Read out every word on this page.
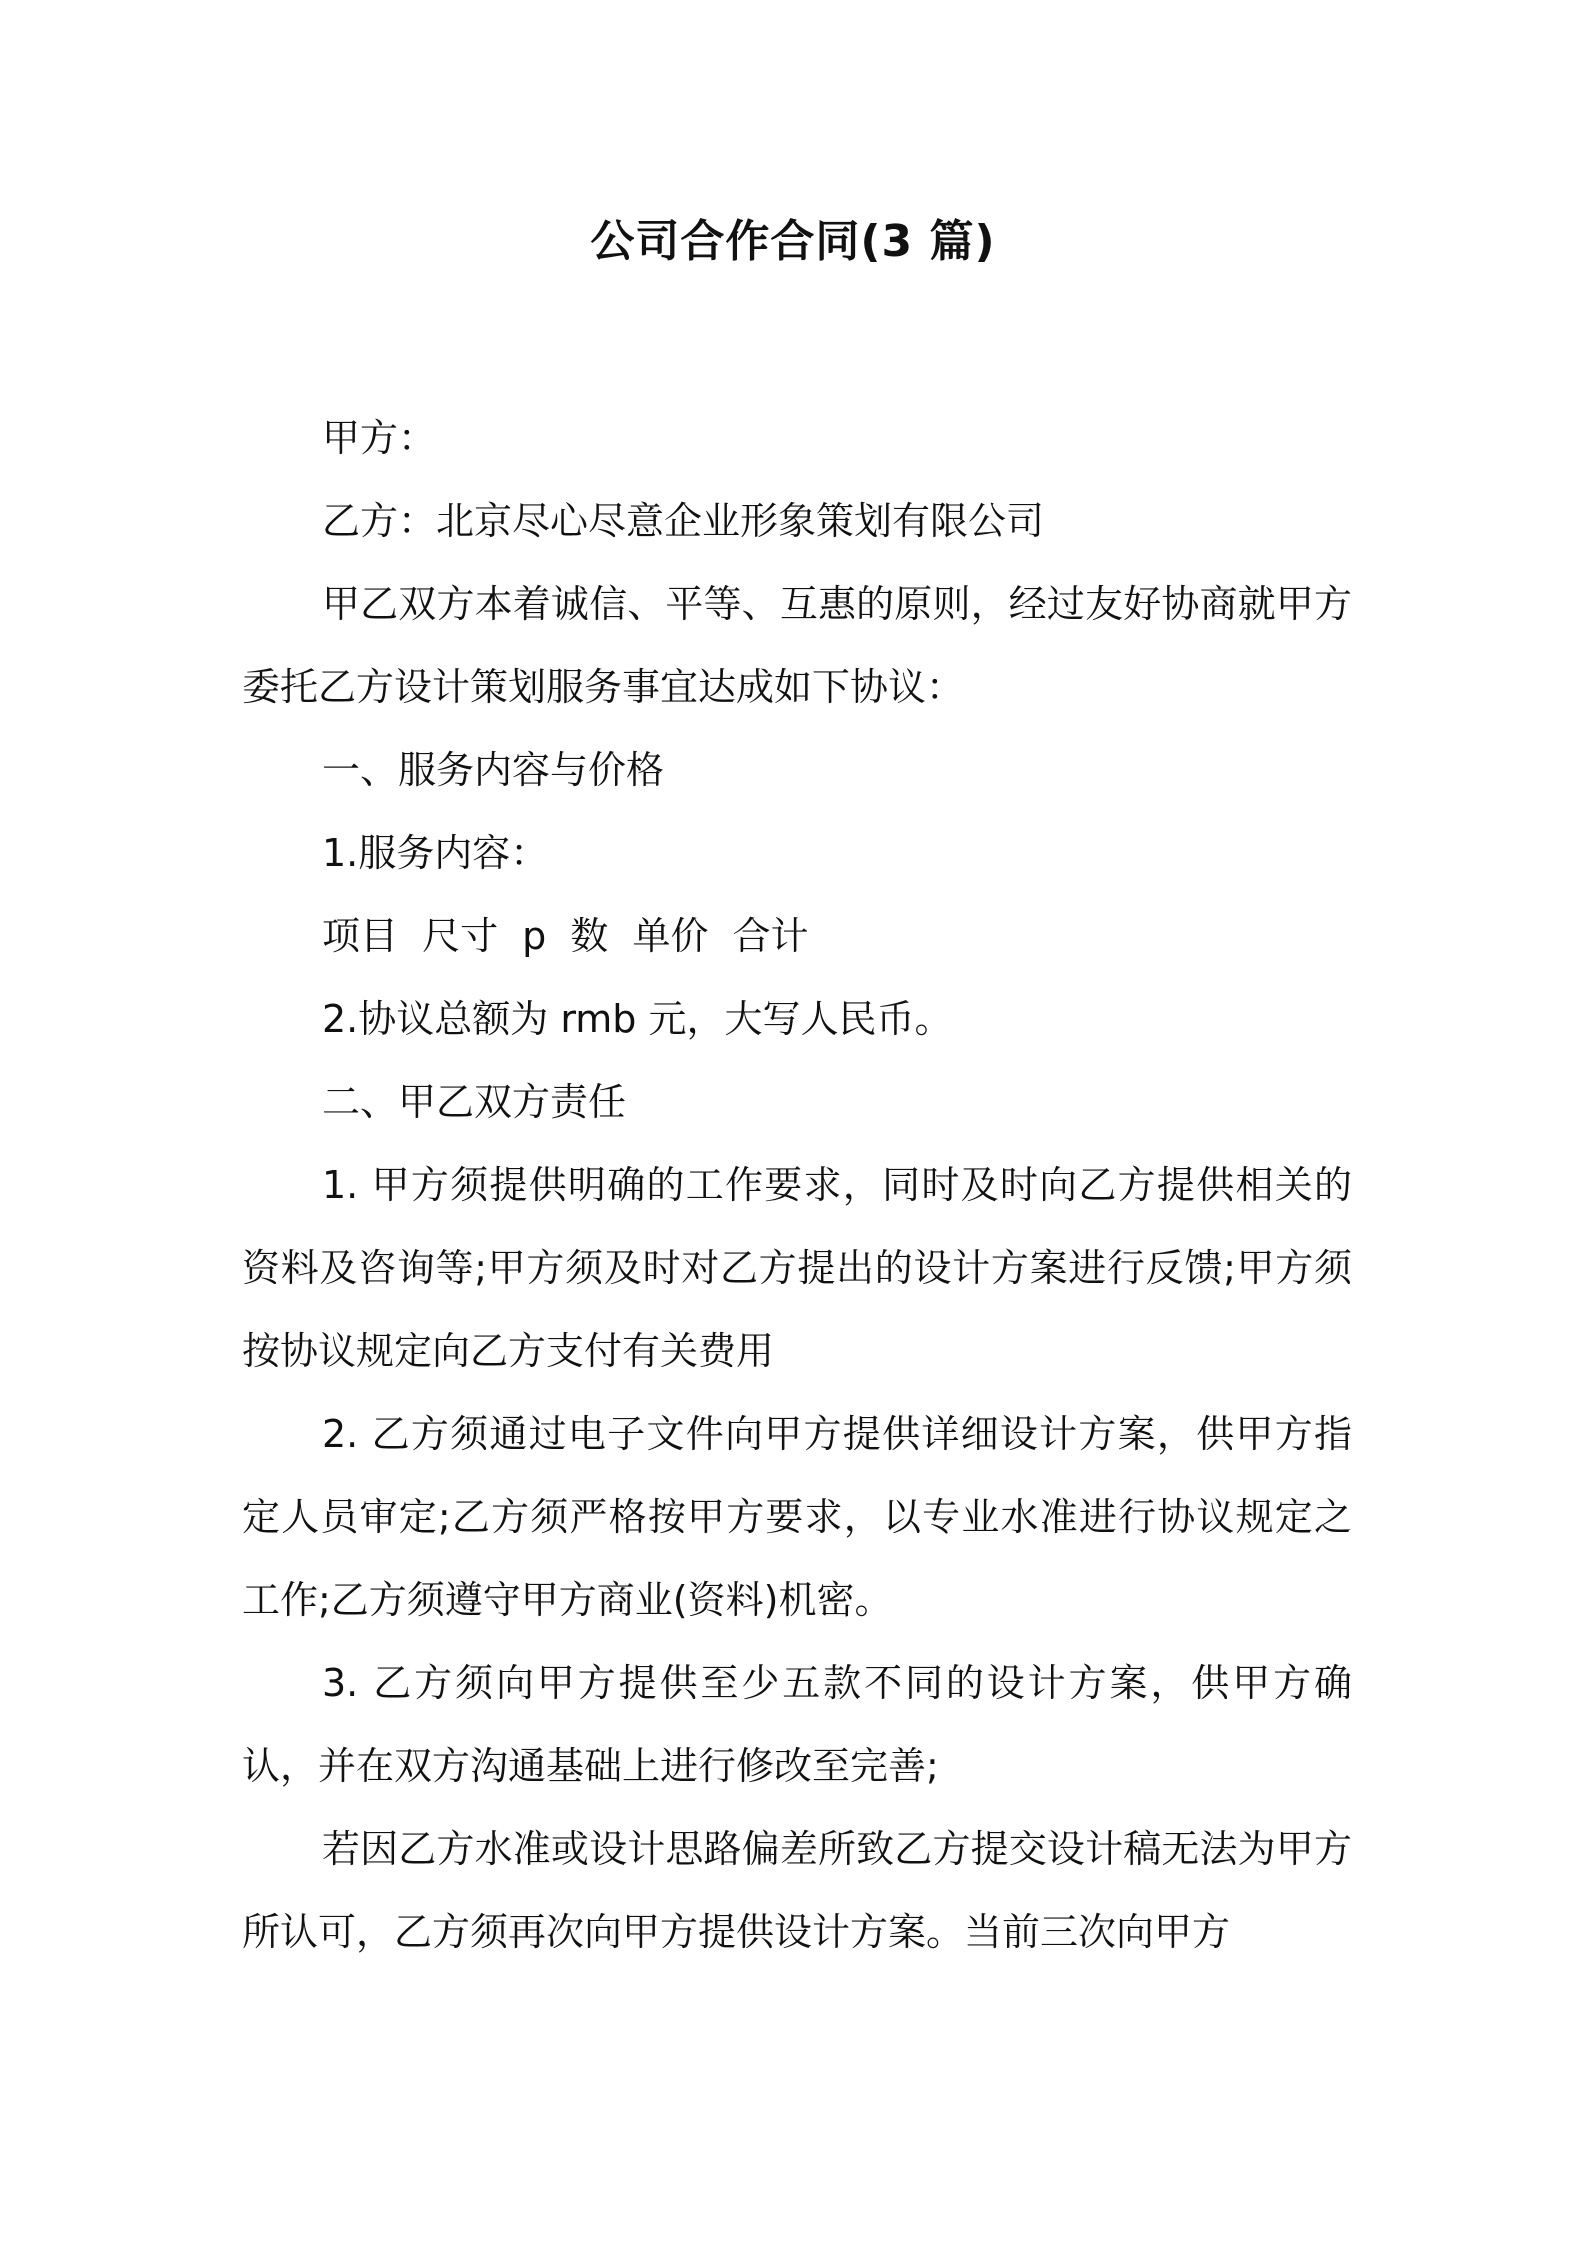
公司合作合同(3 篇)

甲方：

乙方：北京尽心尽意企业形象策划有限公司

甲乙双方本着诚信、平等、互惠的原则，经过友好协商就甲方委托乙方设计策划服务事宜达成如下协议：

一、服务内容与价格

1.服务内容：

项目 尺寸 p 数 单价 合计

2.协议总额为 rmb 元，大写人民币。

二、甲乙双方责任

1. 甲方须提供明确的工作要求，同时及时向乙方提供相关的资料及咨询等;甲方须及时对乙方提出的设计方案进行反馈;甲方须按协议规定向乙方支付有关费用

2. 乙方须通过电子文件向甲方提供详细设计方案，供甲方指定人员审定;乙方须严格按甲方要求，以专业水准进行协议规定之工作;乙方须遵守甲方商业(资料)机密。

3. 乙方须向甲方提供至少五款不同的设计方案，供甲方确认，并在双方沟通基础上进行修改至完善;

若因乙方水准或设计思路偏差所致乙方提交设计稿无法为甲方所认可，乙方须再次向甲方提供设计方案。当前三次向甲方
